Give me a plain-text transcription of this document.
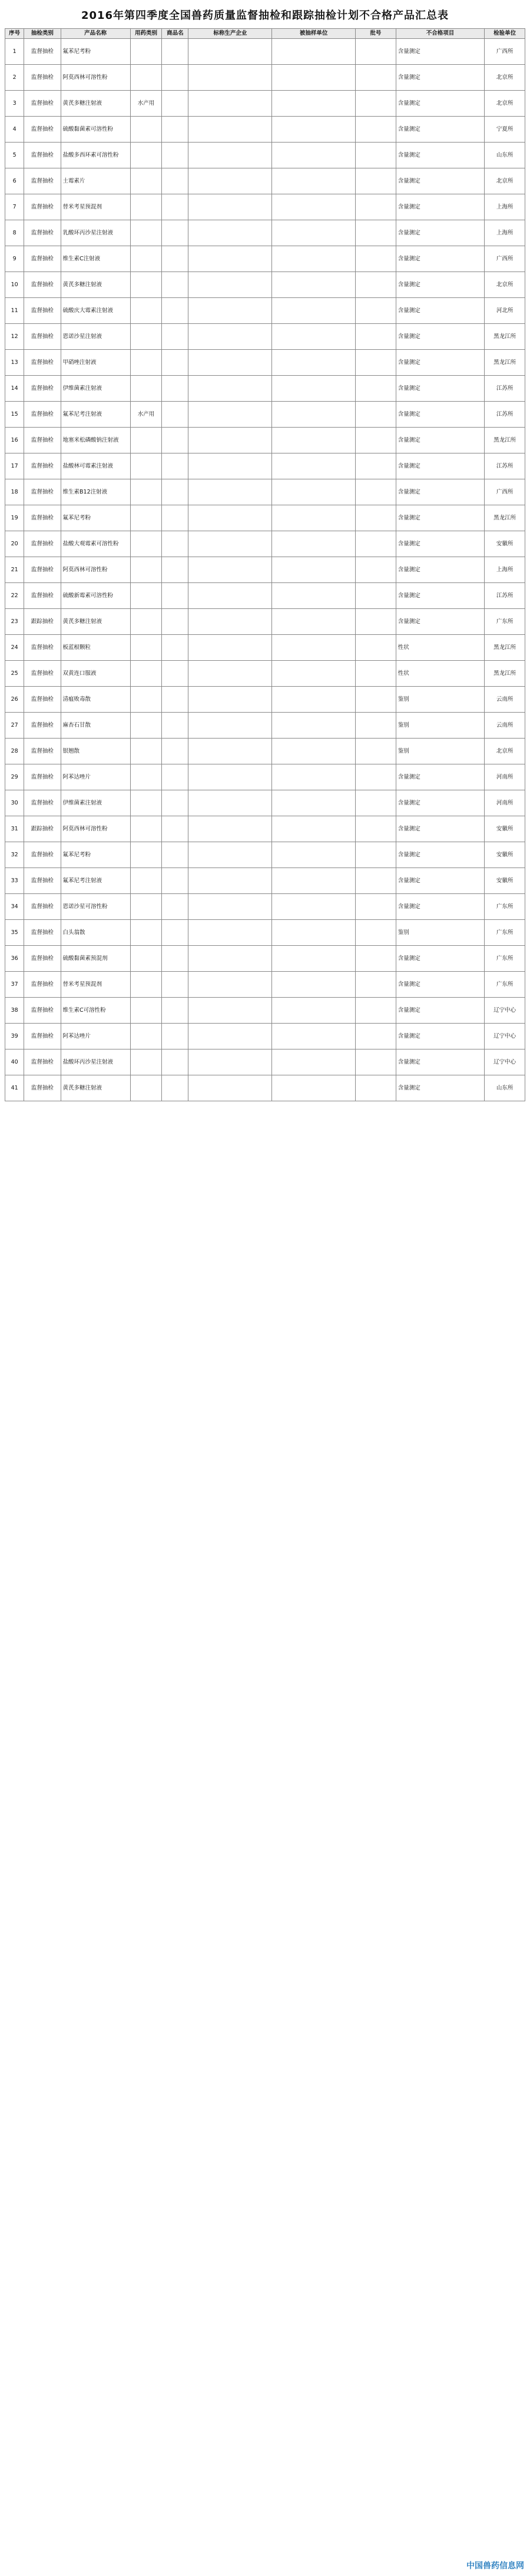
2016年第四季度全国兽药质量监督抽检和跟踪抽检计划不合格产品汇总表
序号	抽检类别	产品名称	用药类别	商品名	标称生产企业	被抽样单位	批号	不合格项目	检验单位
1	监督抽检	氟苯尼考粉						含量测定	广西所
2	监督抽检	阿莫西林可溶性粉						含量测定	北京所
3	监督抽检	黄芪多糖注射液	水产用					含量测定	北京所
4	监督抽检	硫酸黏菌素可溶性粉						含量测定	宁夏所
5	监督抽检	盐酸多西环素可溶性粉						含量测定	山东所
6	监督抽检	土霉素片						含量测定	北京所
7	监督抽检	替米考星预混剂						含量测定	上海所
8	监督抽检	乳酸环丙沙星注射液						含量测定	上海所
9	监督抽检	维生素C注射液						含量测定	广西所
10	监督抽检	黄芪多糖注射液						含量测定	北京所
11	监督抽检	硫酸庆大霉素注射液						含量测定	河北所
12	监督抽检	恩诺沙星注射液						含量测定	黑龙江所
13	监督抽检	甲硝唑注射液						含量测定	黑龙江所
14	监督抽检	伊维菌素注射液						含量测定	江苏所
15	监督抽检	氟苯尼考注射液	水产用					含量测定	江苏所
16	监督抽检	地塞米松磷酸钠注射液						含量测定	黑龙江所
17	监督抽检	盐酸林可霉素注射液						含量测定	江苏所
18	监督抽检	维生素B12注射液						含量测定	广西所
19	监督抽检	氟苯尼考粉						含量测定	黑龙江所
20	监督抽检	盐酸大观霉素可溶性粉						含量测定	安徽所
21	监督抽检	阿莫西林可溶性粉						含量测定	上海所
22	监督抽检	硫酸新霉素可溶性粉						含量测定	江苏所
23	跟踪抽检	黄芪多糖注射液						含量测定	广东所
24	监督抽检	板蓝根颗粒						性状	黑龙江所
25	监督抽检	双黄连口服液						性状	黑龙江所
26	监督抽检	清瘟败毒散						鉴别	云南所
27	监督抽检	麻杏石甘散						鉴别	云南所
28	监督抽检	银翘散						鉴别	北京所
29	监督抽检	阿苯达唑片						含量测定	河南所
30	监督抽检	伊维菌素注射液						含量测定	河南所
31	跟踪抽检	阿莫西林可溶性粉						含量测定	安徽所
32	监督抽检	氟苯尼考粉						含量测定	安徽所
33	监督抽检	氟苯尼考注射液						含量测定	安徽所
34	监督抽检	恩诺沙星可溶性粉						含量测定	广东所
35	监督抽检	白头翁散						鉴别	广东所
36	监督抽检	硫酸黏菌素预混剂						含量测定	广东所
37	监督抽检	替米考星预混剂						含量测定	广东所
38	监督抽检	维生素C可溶性粉						含量测定	辽宁中心
39	监督抽检	阿苯达唑片						含量测定	辽宁中心
40	监督抽检	盐酸环丙沙星注射液						含量测定	辽宁中心
41	监督抽检	黄芪多糖注射液						含量测定	山东所
中国兽药信息网
